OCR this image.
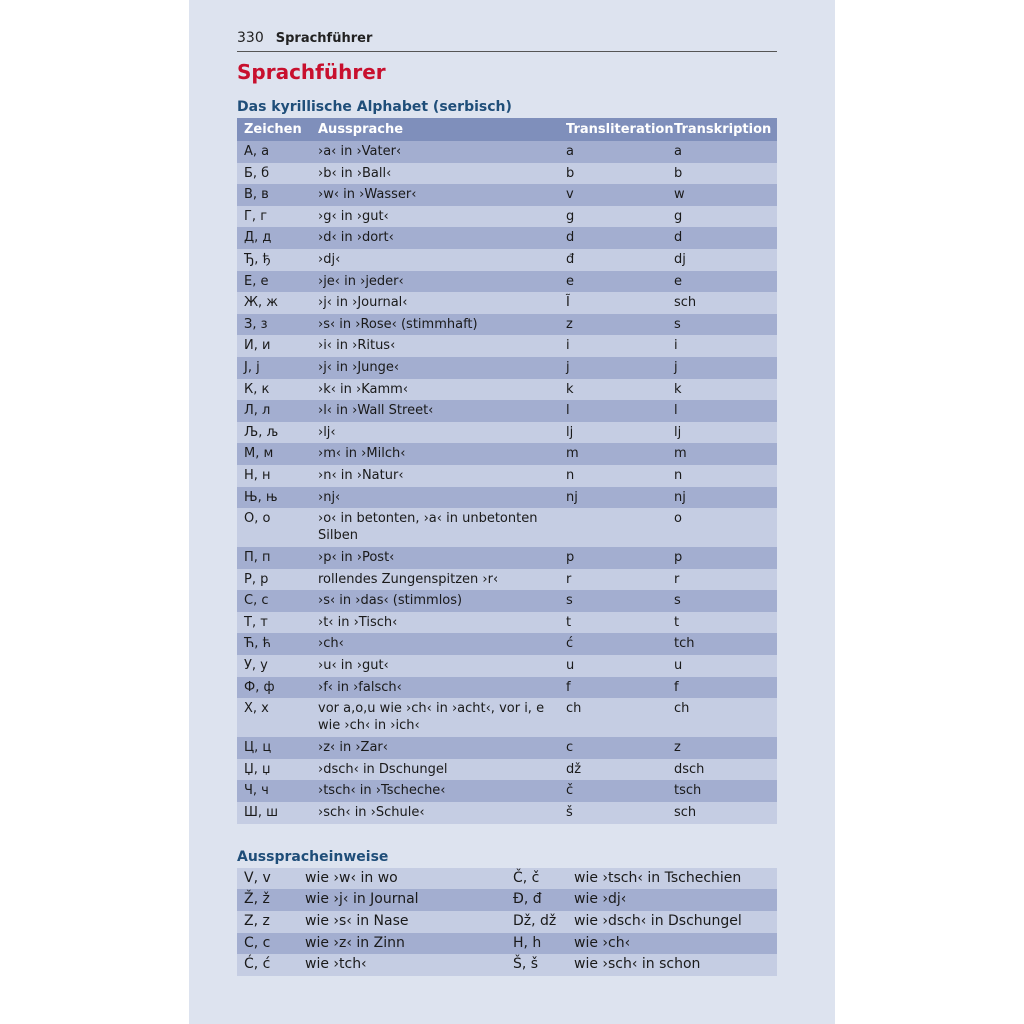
330 Sprachführer
Sprachführer
Das kyrillische Alphabet (serbisch)
Zeichen	Aussprache	Transliteration	Transkription
А, а	›a‹ in ›Vater‹	a	a
Б, б	›b‹ in ›Ball‹	b	b
В, в	›w‹ in ›Wasser‹	v	w
Г, г	›g‹ in ›gut‹	g	g
Д, д	›d‹ in ›dort‹	d	d
Ђ, ђ	›dj‹	đ	dj
Е, е	›je‹ in ›jeder‹	e	e
Ж, ж	›j‹ in ›Journal‹	Ĩ	sch
З, з	›s‹ in ›Rose‹ (stimmhaft)	z	s
И, и	›i‹ in ›Ritus‹	i	i
Ј, ј	›j‹ in ›Junge‹	j	j
К, к	›k‹ in ›Kamm‹	k	k
Л, л	›l‹ in ›Wall Street‹	l	l
Љ, љ	›lj‹	lj	lj
М, м	›m‹ in ›Milch‹	m	m
Н, н	›n‹ in ›Natur‹	n	n
Њ, њ	›nj‹	nj	nj
О, о	›o‹ in betonten, ›a‹ in unbetonten Silben		o
П, п	›p‹ in ›Post‹	p	p
Р, р	rollendes Zungenspitzen ›r‹	r	r
С, с	›s‹ in ›das‹ (stimmlos)	s	s
Т, т	›t‹ in ›Tisch‹	t	t
Ћ, ћ	›ch‹	ć	tch
У, у	›u‹ in ›gut‹	u	u
Ф, ф	›f‹ in ›falsch‹	f	f
Х, х	vor a,o,u wie ›ch‹ in ›acht‹, vor i, e wie ›ch‹ in ›ich‹	ch	ch
Ц, ц	›z‹ in ›Zar‹	c	z
Џ, џ	›dsch‹ in Dschungel	dž	dsch
Ч, ч	›tsch‹ in ›Tscheche‹	č	tsch
Ш, ш	›sch‹ in ›Schule‹	š	sch
Ausspracheinweise
V, v	wie ›w‹ in wo	Č, č	wie ›tsch‹ in Tschechien
Ž, ž	wie ›j‹ in Journal	Đ, đ	wie ›dj‹
Z, z	wie ›s‹ in Nase	Dž, dž	wie ›dsch‹ in Dschungel
C, c	wie ›z‹ in Zinn	H, h	wie ›ch‹
Ć, ć	wie ›tch‹	Š, š	wie ›sch‹ in schon
